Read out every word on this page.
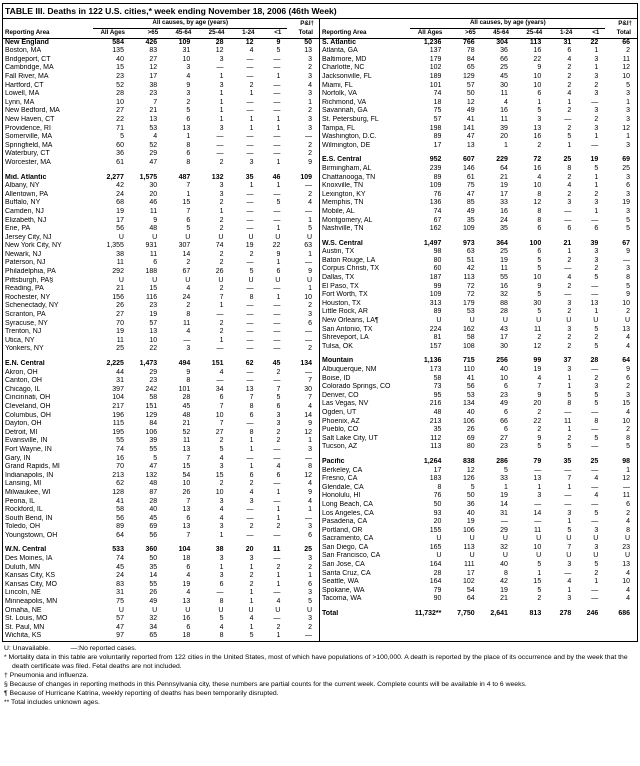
TABLE III. Deaths in 122 U.S. cities,* week ending November 18, 2006 (46th Week)
	All causes, by age (years)						P&I†
Reporting Area	All Ages	>65	45-64	25-44	1-24	<1	Total
New England	584	426	109	28	12	9	50
Boston, MA	135	83	31	12	4	5	13
Bridgeport, CT	40	27	10	3	—	—	3
Cambridge, MA	15	12	3	—	—	—	2
Fall River, MA	23	17	4	1	—	1	3
Hartford, CT	52	38	9	3	2	—	4
Lowell, MA	28	23	3	1	1	—	3
Lynn, MA	10	7	2	1	—	—	1
New Bedford, MA	27	21	5	1	—	—	2
New Haven, CT	22	13	6	1	1	1	3
Providence, RI	71	53	13	3	1	1	3
Somerville, MA	5	4	1	—	—	—	—
Springfield, MA	60	52	8	—	—	—	2
Waterbury, CT	36	29	6	—	—	—	2
Worcester, MA	61	47	8	2	3	1	9

Mid. Atlantic	2,277	1,575	487	132	35	46	109
Albany, NY	42	30	7	3	1	1	—
Allentown, PA	24	20	1	3	—	—	2
Buffalo, NY	68	46	15	2	—	5	4
Camden, NJ	19	11	7	1	—	—	—
Elizabeth, NJ	17	9	6	2	—	—	1
Erie, PA	56	48	5	2	—	1	5
Jersey City, NJ	U	U	U	U	U	U	U
New York City, NY	1,355	931	307	74	19	22	63
Newark, NJ	38	11	14	2	2	9	1
Paterson, NJ	11	6	2	2	—	1	—
Philadelphia, PA	292	188	67	26	5	6	9
Pittsburgh, PA§	U	U	U	U	U	U	U
Reading, PA	21	15	4	2	—	—	1
Rochester, NY	156	116	24	7	8	1	10
Schenectady, NY	26	23	2	1	—	—	2
Scranton, PA	27	19	8	—	—	—	3
Syracuse, NY	70	57	11	2	—	—	6
Trenton, NJ	19	13	4	2	—	—	—
Utica, NY	11	10	—	1	—	—	—
Yonkers, NY	25	22	3	—	—	—	2

E.N. Central	2,225	1,473	494	151	62	45	134
Akron, OH	44	29	9	4	—	2	—
Canton, OH	31	23	8	—	—	—	7
Chicago, IL	397	242	101	34	13	7	30
Cincinnati, OH	104	58	28	6	7	5	7
Cleveland, OH	217	151	45	7	8	6	4
Columbus, OH	196	129	48	10	6	3	14
Dayton, OH	115	84	21	7	—	3	9
Detroit, MI	195	106	52	27	8	2	12
Evansville, IN	55	39	11	2	1	2	1
Fort Wayne, IN	74	55	13	5	1	—	3
Gary, IN	16	5	7	4	—	—	—
Grand Rapids, MI	70	47	15	3	1	4	8
Indianapolis, IN	213	132	54	15	6	6	12
Lansing, MI	62	48	10	2	2	—	4
Milwaukee, WI	128	87	26	10	4	1	9
Peoria, IL	41	28	7	3	3	—	4
Rockford, IL	58	40	13	4	—	1	1
South Bend, IN	56	45	6	4	—	1	—
Toledo, OH	89	69	13	3	2	2	3
Youngstown, OH	64	56	7	1	—	—	6

W.N. Central	533	360	104	38	20	11	25
Des Moines, IA	74	50	18	3	3	—	3
Duluth, MN	45	35	6	1	1	2	2
Kansas City, KS	24	14	4	3	2	1	1
Kansas City, MO	83	55	19	6	2	1	6
Lincoln, NE	31	26	4	—	1	—	3
Minneapolis, MN	75	49	13	8	1	4	5
Omaha, NE	U	U	U	U	U	U	U
St. Louis, MO	57	32	16	5	4	—	3
St. Paul, MN	47	34	6	4	1	2	2
Wichita, KS	97	65	18	8	5	1	—
	All causes, by age (years)						P&I†
Reporting Area	All Ages	>65	45-64	25-44	1-24	<1	Total
S. Atlantic	1,236	766	304	113	31	22	66
Atlanta, GA	137	78	36	16	6	1	2
Baltimore, MD	179	84	66	22	4	3	11
Charlotte, NC	102	65	25	9	2	1	12
Jacksonville, FL	189	129	45	10	2	3	10
Miami, FL	101	57	30	10	2	2	5
Norfolk, VA	74	50	11	6	4	3	3
Richmond, VA	18	12	4	1	1	—	1
Savannah, GA	75	49	16	5	2	3	3
St. Petersburg, FL	57	41	11	3	—	2	3
Tampa, FL	198	141	39	13	2	3	12
Washington, D.C.	89	47	20	16	5	1	1
Wilmington, DE	17	13	1	2	1	—	3

E.S. Central	952	607	229	72	25	19	69
Birmingham, AL	239	146	64	16	8	5	25
Chattanooga, TN	89	61	21	4	2	1	3
Knoxville, TN	109	75	19	10	4	1	6
Lexington, KY	76	47	17	8	2	2	3
Memphis, TN	136	85	33	12	3	3	19
Mobile, AL	74	49	16	8	—	1	3
Montgomery, AL	67	35	24	8	—	—	5
Nashville, TN	162	109	35	6	6	6	5

W.S. Central	1,497	973	364	100	21	39	67
Austin, TX	98	63	25	6	1	3	9
Baton Rouge, LA	80	51	19	5	2	3	—
Corpus Christi, TX	60	42	11	5	—	2	3
Dallas, TX	187	113	55	10	4	5	8
El Paso, TX	99	72	16	9	2	—	5
Fort Worth, TX	109	72	32	5	—	—	9
Houston, TX	313	179	88	30	3	13	10
Little Rock, AR	89	53	28	5	2	1	2
New Orleans, LA¶	U	U	U	U	U	U	U
San Antonio, TX	224	162	43	11	3	5	13
Shreveport, LA	81	58	17	2	2	2	4
Tulsa, OK	157	108	30	12	2	5	4

Mountain	1,136	715	256	99	37	28	64
Albuquerque, NM	173	110	40	19	3	—	9
Boise, ID	58	41	10	4	1	2	6
Colorado Springs, CO	73	56	6	7	1	3	2
Denver, CO	95	53	23	9	5	5	3
Las Vegas, NV	216	134	49	20	8	5	15
Ogden, UT	48	40	6	2	—	—	4
Phoenix, AZ	213	106	66	22	11	8	10
Pueblo, CO	35	26	6	2	1	—	2
Salt Lake City, UT	112	69	27	9	2	5	8
Tucson, AZ	113	80	23	5	5	—	5

Pacific	1,264	838	286	79	35	25	98
Berkeley, CA	17	12	5	—	—	—	1
Fresno, CA	183	126	33	13	7	4	12
Glendale, CA	8	5	1	1	1	—	—
Honolulu, HI	76	50	19	3	—	4	11
Long Beach, CA	50	36	14	—	—	—	6
Los Angeles, CA	93	40	31	14	3	5	2
Pasadena, CA	20	19	—	—	1	—	4
Portland, OR	155	106	29	11	5	3	8
Sacramento, CA	U	U	U	U	U	U	U
San Diego, CA	165	113	32	10	7	3	23
San Francisco, CA	U	U	U	U	U	U	U
San Jose, CA	164	111	40	5	3	5	13
Santa Cruz, CA	28	17	8	1	—	2	4
Seattle, WA	164	102	42	15	4	1	10
Spokane, WA	79	54	19	5	1	—	4
Tacoma, WA	90	64	21	2	3	—	4

Total	11,732**	7,750	2,641	813	278	246	686
U: Unavailable.   —:No reported cases.
* Mortality data in this table are voluntarily reported from 122 cities in the United States, most of which have populations of >100,000. A death is reported by the place of its occurrence and by the week that the death certificate was filed. Fetal deaths are not included.
† Pneumonia and influenza.
§ Because of changes in reporting methods in this Pennsylvania city, these numbers are partial counts for the current week. Complete counts will be available in 4 to 6 weeks.
¶ Because of Hurricane Katrina, weekly reporting of deaths has been temporarily disrupted.
** Total includes unknown ages.
